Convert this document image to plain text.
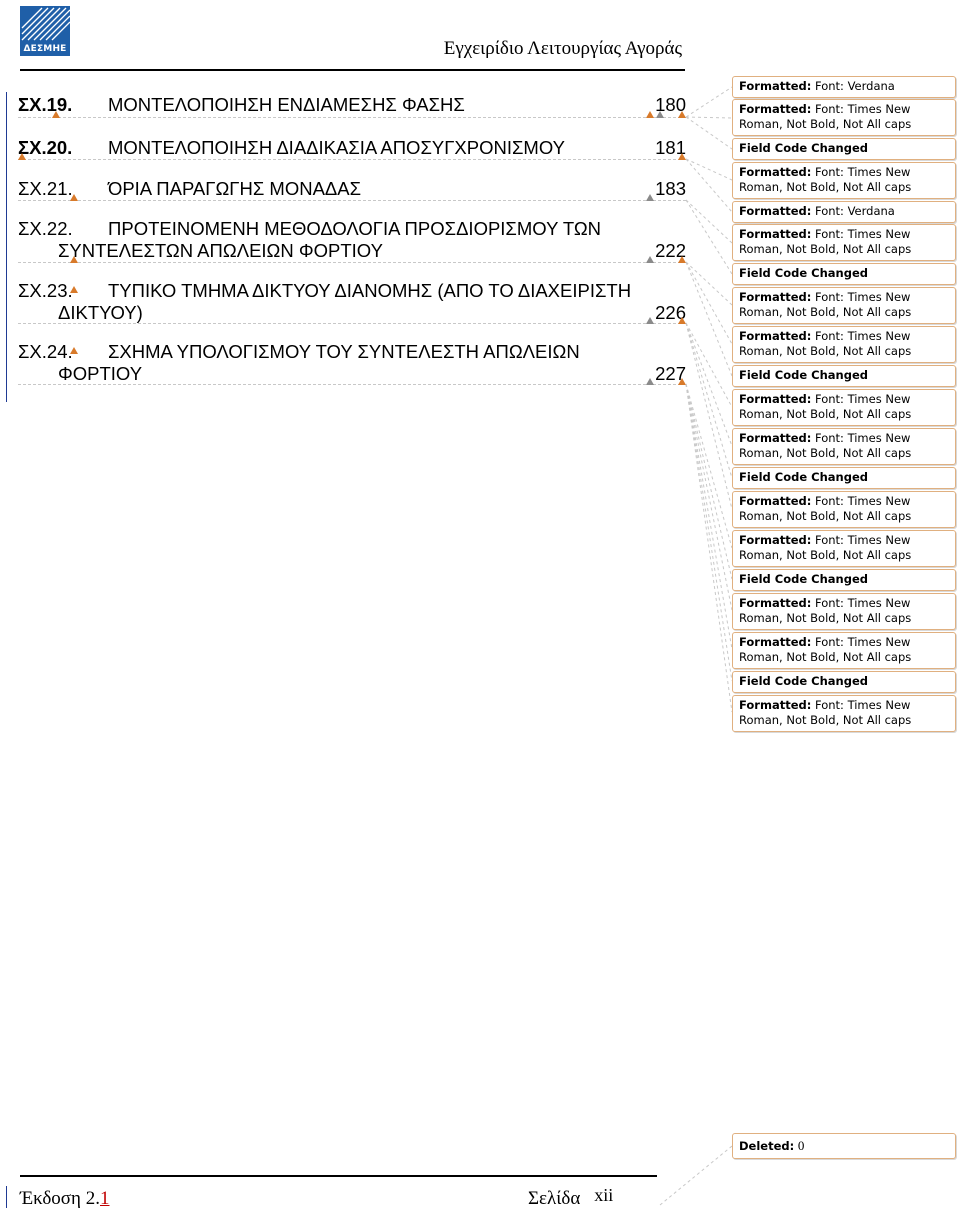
ΔΕΣΜΗΕ	Εγχειρίδιο Λειτουργίας Αγοράς
ΣΧ.19.	ΜΟΝΤΕΛΟΠΟΙΗΣΗ ΕΝΔΙΑΜΕΣΗΣ ΦΑΣΗΣ	180
ΣΧ.20.	ΜΟΝΤΕΛΟΠΟΙΗΣΗ ΔΙΑΔΙΚΑΣΙΑ ΑΠΟΣΥΓΧΡΟΝΙΣΜΟΥ	181
ΣΧ.21.	ΌΡΙΑ ΠΑΡΑΓΩΓΗΣ ΜΟΝΑΔΑΣ	183
ΣΧ.22.	ΠΡΟΤΕΙΝΟΜΕΝΗ ΜΕΘΟΔΟΛΟΓΙΑ ΠΡΟΣΔΙΟΡΙΣΜΟΥ ΤΩΝ
ΣΥΝΤΕΛΕΣΤΩΝ ΑΠΩΛΕΙΩΝ ΦΟΡΤΙΟΥ	222
ΣΧ.23.	ΤΥΠΙΚΟ ΤΜΗΜΑ ΔΙΚΤΥΟΥ ΔΙΑΝΟΜΗΣ (ΑΠΟ ΤΟ ΔΙΑΧΕΙΡΙΣΤΗ
ΔΙΚΤΥΟΥ)	226
ΣΧ.24.	ΣΧΗΜΑ ΥΠΟΛΟΓΙΣΜΟΥ ΤΟΥ ΣΥΝΤΕΛΕΣΤΗ ΑΠΩΛΕΙΩΝ
ΦΟΡΤΙΟΥ	227
Formatted: Font: Verdana
Formatted: Font: Times New Roman, Not Bold, Not All caps
Field Code Changed
Formatted: Font: Times New Roman, Not Bold, Not All caps
Formatted: Font: Verdana
Formatted: Font: Times New Roman, Not Bold, Not All caps
Field Code Changed
Formatted: Font: Times New Roman, Not Bold, Not All caps
Formatted: Font: Times New Roman, Not Bold, Not All caps
Field Code Changed
Formatted: Font: Times New Roman, Not Bold, Not All caps
Formatted: Font: Times New Roman, Not Bold, Not All caps
Field Code Changed
Formatted: Font: Times New Roman, Not Bold, Not All caps
Formatted: Font: Times New Roman, Not Bold, Not All caps
Field Code Changed
Formatted: Font: Times New Roman, Not Bold, Not All caps
Formatted: Font: Times New Roman, Not Bold, Not All caps
Field Code Changed
Formatted: Font: Times New Roman, Not Bold, Not All caps
Deleted: 0
Έκδοση 2.1	Σελίδα xii
